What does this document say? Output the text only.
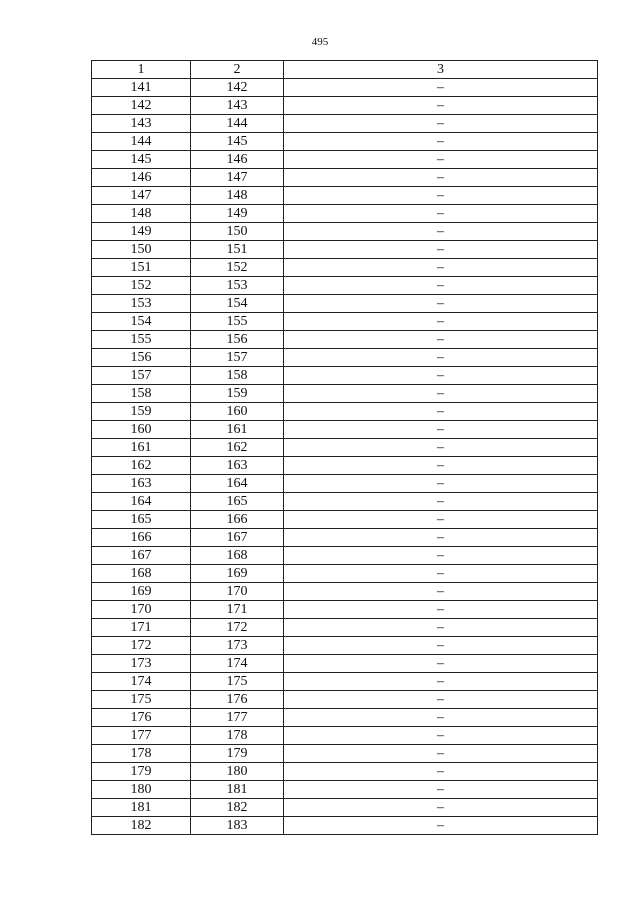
495
1	2	3
141	142	–
142	143	–
143	144	–
144	145	–
145	146	–
146	147	–
147	148	–
148	149	–
149	150	–
150	151	–
151	152	–
152	153	–
153	154	–
154	155	–
155	156	–
156	157	–
157	158	–
158	159	–
159	160	–
160	161	–
161	162	–
162	163	–
163	164	–
164	165	–
165	166	–
166	167	–
167	168	–
168	169	–
169	170	–
170	171	–
171	172	–
172	173	–
173	174	–
174	175	–
175	176	–
176	177	–
177	178	–
178	179	–
179	180	–
180	181	–
181	182	–
182	183	–
